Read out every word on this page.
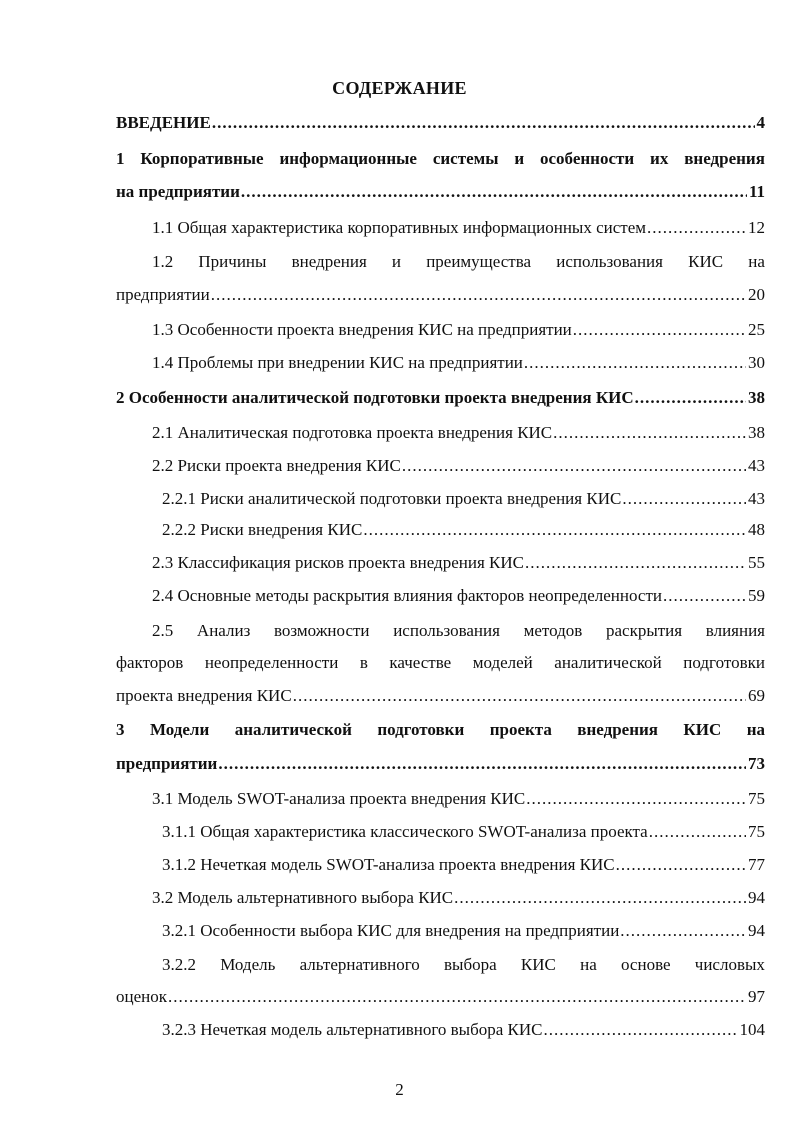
СОДЕРЖАНИЕ
ВВЕДЕНИЕ .....	4
1 Корпоративные информационные системы и особенности их внедрения
на предприятии .....	11
1.1 Общая характеристика корпоративных информационных систем .....	12
1.2 Причины внедрения и преимущества использования КИС на
предприятии .....	20
1.3 Особенности проекта внедрения КИС на предприятии .....	25
1.4 Проблемы при внедрении КИС на предприятии .....	30
2 Особенности аналитической подготовки проекта внедрения КИС .....	38
2.1 Аналитическая подготовка проекта внедрения КИС .....	38
2.2 Риски проекта внедрения КИС .....	43
2.2.1 Риски аналитической подготовки проекта внедрения КИС .....	43
2.2.2 Риски внедрения КИС .....	48
2.3 Классификация рисков проекта внедрения КИС .....	55
2.4 Основные методы раскрытия влияния факторов неопределенности .....	59
2.5 Анализ возможности использования методов раскрытия влияния
факторов неопределенности в качестве моделей аналитической подготовки
проекта внедрения КИС .....	69
3 Модели аналитической подготовки проекта внедрения КИС на
предприятии .....	73
3.1 Модель SWOT-анализа проекта внедрения КИС .....	75
3.1.1 Общая характеристика классического SWOT-анализа проекта .....	75
3.1.2 Нечеткая модель SWOT-анализа проекта внедрения КИС .....	77
3.2 Модель альтернативного выбора КИС .....	94
3.2.1 Особенности выбора КИС для внедрения на предприятии .....	94
3.2.2 Модель альтернативного выбора КИС на основе числовых
оценок .....	97
3.2.3 Нечеткая модель альтернативного выбора КИС .....	104
2
